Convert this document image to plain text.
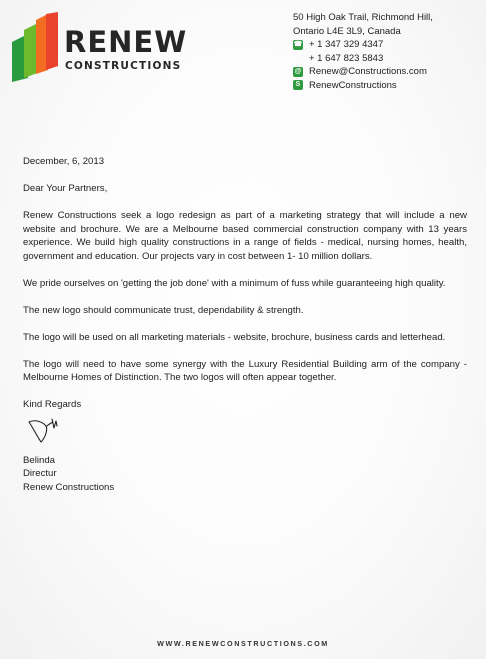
RENEW
CONSTRUCTIONS
50 High Oak Trail, Richmond Hill,
Ontario L4E 3L9, Canada
☎ + 1 347 329 4347
+ 1 647 823 5843
@ Renew@Constructions.com
S RenewConstructions

December, 6, 2013

Dear Your Partners,

Renew Constructions seek a logo redesign as part of a marketing strategy that will include a new website and brochure. We are a Melbourne based commercial construction company with 13 years experience. We build high quality constructions in a range of fields - medical, nursing homes, health, government and education. Our projects vary in cost between 1- 10 million dollars.

We pride ourselves on 'getting the job done' with a minimum of fuss while guaranteeing high quality.

The new logo should communicate trust, dependability & strength.

The logo will be used on all marketing materials - website, brochure, business cards and letterhead.

The logo will need to have some synergy with the Luxury Residential Building arm of the company - Melbourne Homes of Distinction. The two logos will often appear together.

Kind Regards

Belinda

Directur

Renew Constructions

WWW.RENEWCONSTRUCTIONS.COM
